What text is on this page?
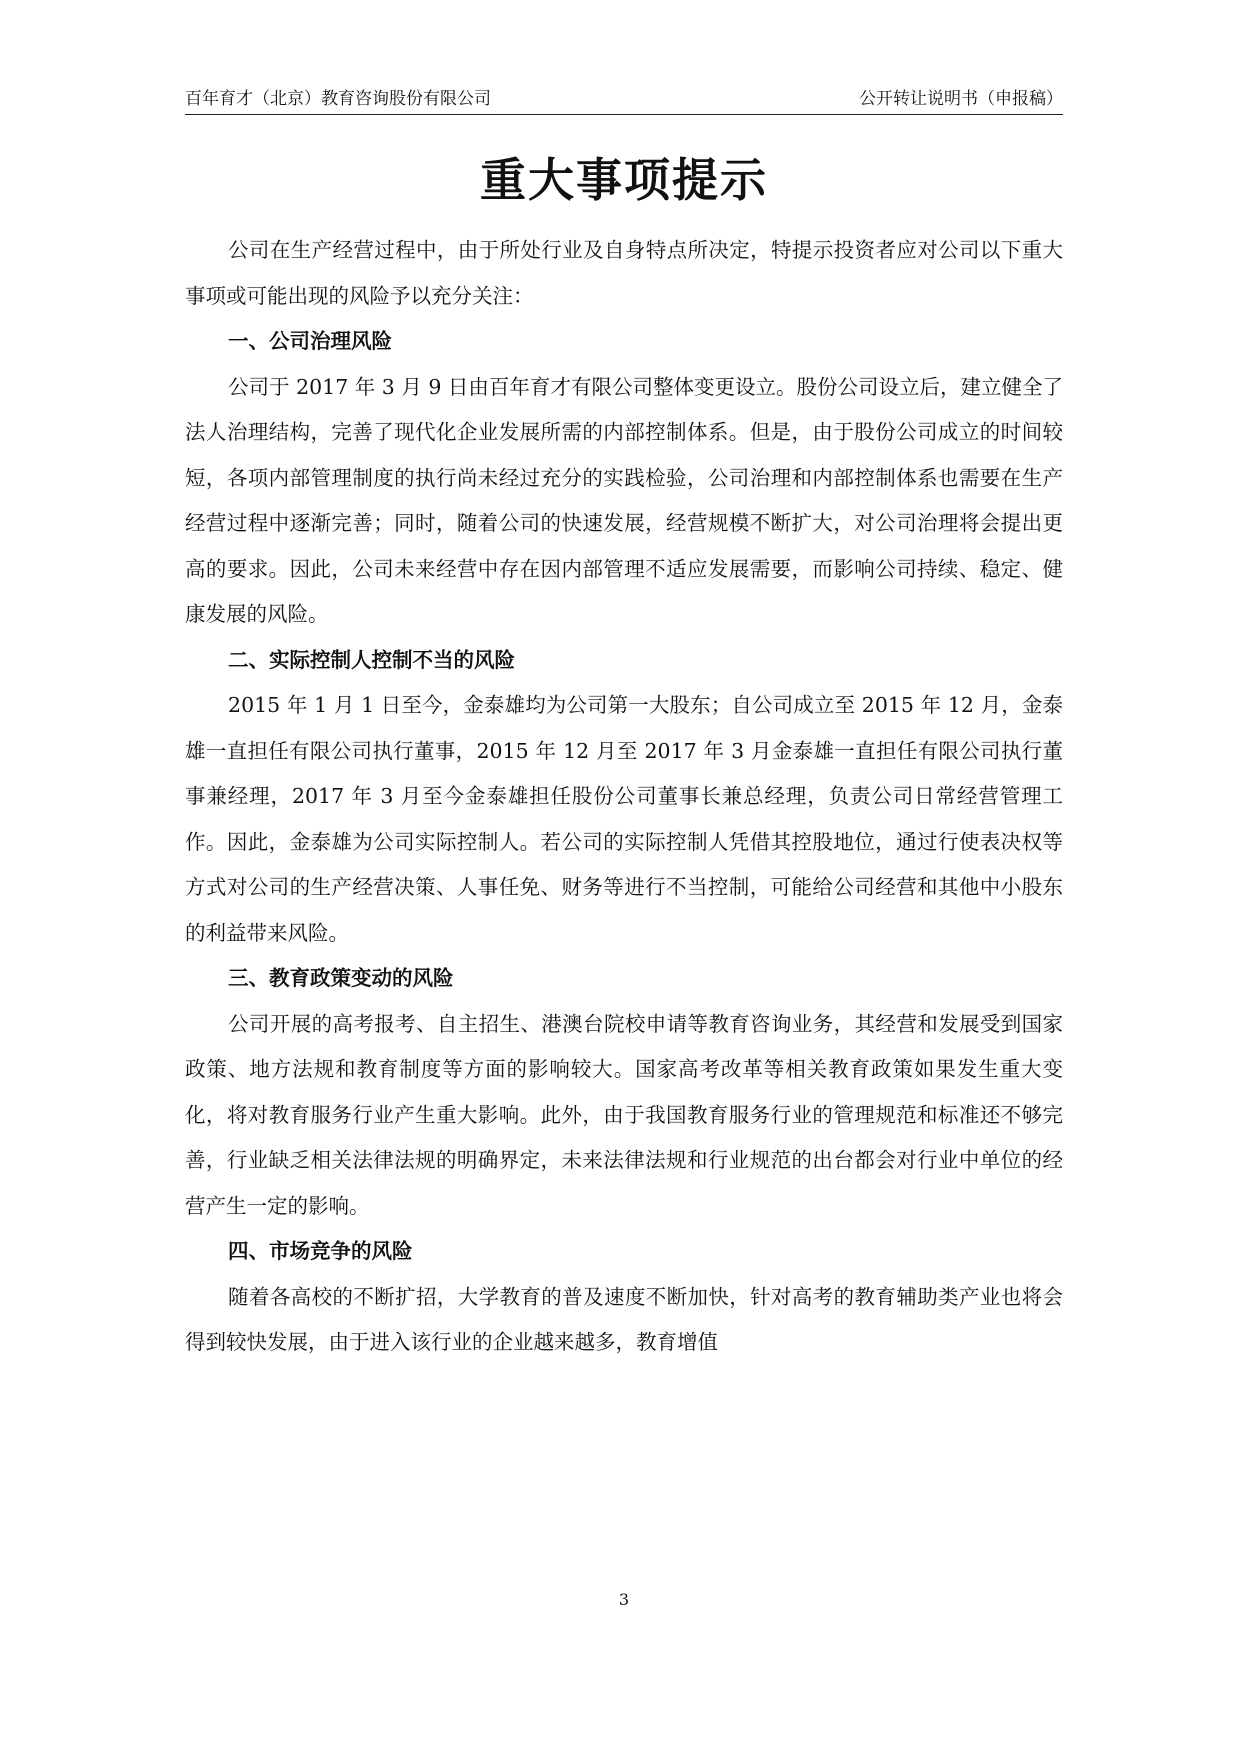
百年育才（北京）教育咨询股份有限公司	公开转让说明书（申报稿）
重大事项提示

公司在生产经营过程中，由于所处行业及自身特点所决定，特提示投资者应对公司以下重大事项或可能出现的风险予以充分关注：

一、公司治理风险

公司于 2017 年 3 月 9 日由百年育才有限公司整体变更设立。股份公司设立后，建立健全了法人治理结构，完善了现代化企业发展所需的内部控制体系。但是，由于股份公司成立的时间较短，各项内部管理制度的执行尚未经过充分的实践检验，公司治理和内部控制体系也需要在生产经营过程中逐渐完善；同时，随着公司的快速发展，经营规模不断扩大，对公司治理将会提出更高的要求。因此，公司未来经营中存在因内部管理不适应发展需要，而影响公司持续、稳定、健康发展的风险。

二、实际控制人控制不当的风险

2015 年 1 月 1 日至今，金泰雄均为公司第一大股东；自公司成立至 2015 年 12 月，金泰雄一直担任有限公司执行董事，2015 年 12 月至 2017 年 3 月金泰雄一直担任有限公司执行董事兼经理，2017 年 3 月至今金泰雄担任股份公司董事长兼总经理，负责公司日常经营管理工作。因此，金泰雄为公司实际控制人。若公司的实际控制人凭借其控股地位，通过行使表决权等方式对公司的生产经营决策、人事任免、财务等进行不当控制，可能给公司经营和其他中小股东的利益带来风险。

三、教育政策变动的风险

公司开展的高考报考、自主招生、港澳台院校申请等教育咨询业务，其经营和发展受到国家政策、地方法规和教育制度等方面的影响较大。国家高考改革等相关教育政策如果发生重大变化，将对教育服务行业产生重大影响。此外，由于我国教育服务行业的管理规范和标准还不够完善，行业缺乏相关法律法规的明确界定，未来法律法规和行业规范的出台都会对行业中单位的经营产生一定的影响。

四、市场竞争的风险

随着各高校的不断扩招，大学教育的普及速度不断加快，针对高考的教育辅助类产业也将会得到较快发展，由于进入该行业的企业越来越多，教育增值

3
